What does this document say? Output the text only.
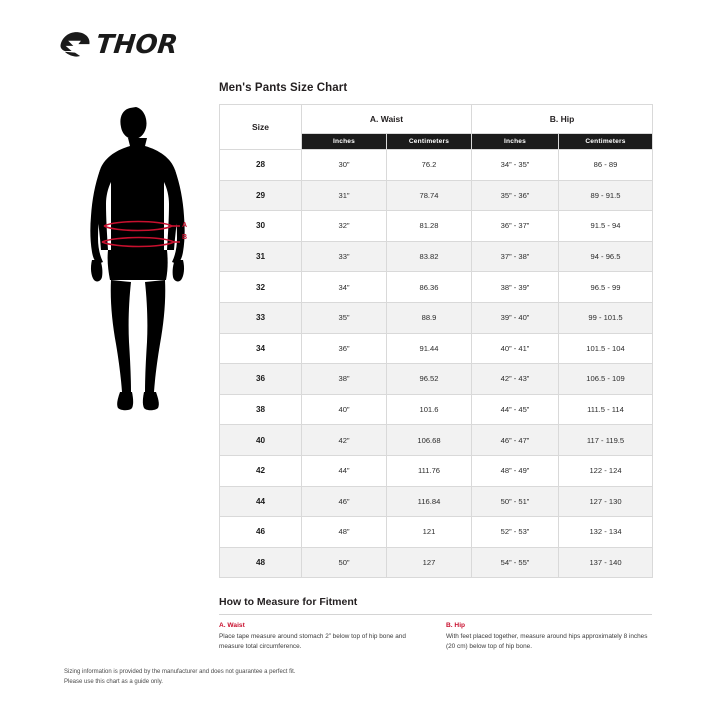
THOR
A
B
Men's Pants Size Chart
Size	A. Waist		B. Hip	
	Inches	Centimeters	Inches	Centimeters
28	30”	76.2	34” - 35”	86 - 89
29	31”	78.74	35” - 36”	89 - 91.5
30	32”	81.28	36” - 37”	91.5 - 94
31	33”	83.82	37” - 38”	94 - 96.5
32	34”	86.36	38” - 39”	96.5 - 99
33	35”	88.9	39” - 40”	99 - 101.5
34	36”	91.44	40” - 41”	101.5 - 104
36	38”	96.52	42” - 43”	106.5 - 109
38	40”	101.6	44” - 45”	111.5 - 114
40	42”	106.68	46” - 47”	117 - 119.5
42	44”	111.76	48” - 49”	122 - 124
44	46”	116.84	50” - 51”	127 - 130
46	48”	121	52” - 53”	132 - 134
48	50”	127	54” - 55”	137 - 140
How to Measure for Fitment
A. Waist
Place tape measure around stomach 2” below top of hip bone and measure total circumference.
B. Hip
With feet placed together, measure around hips approximately 8 inches (20 cm) below top of hip bone.
Sizing information is provided by the manufacturer and does not guarantee a perfect fit.
Please use this chart as a guide only.
